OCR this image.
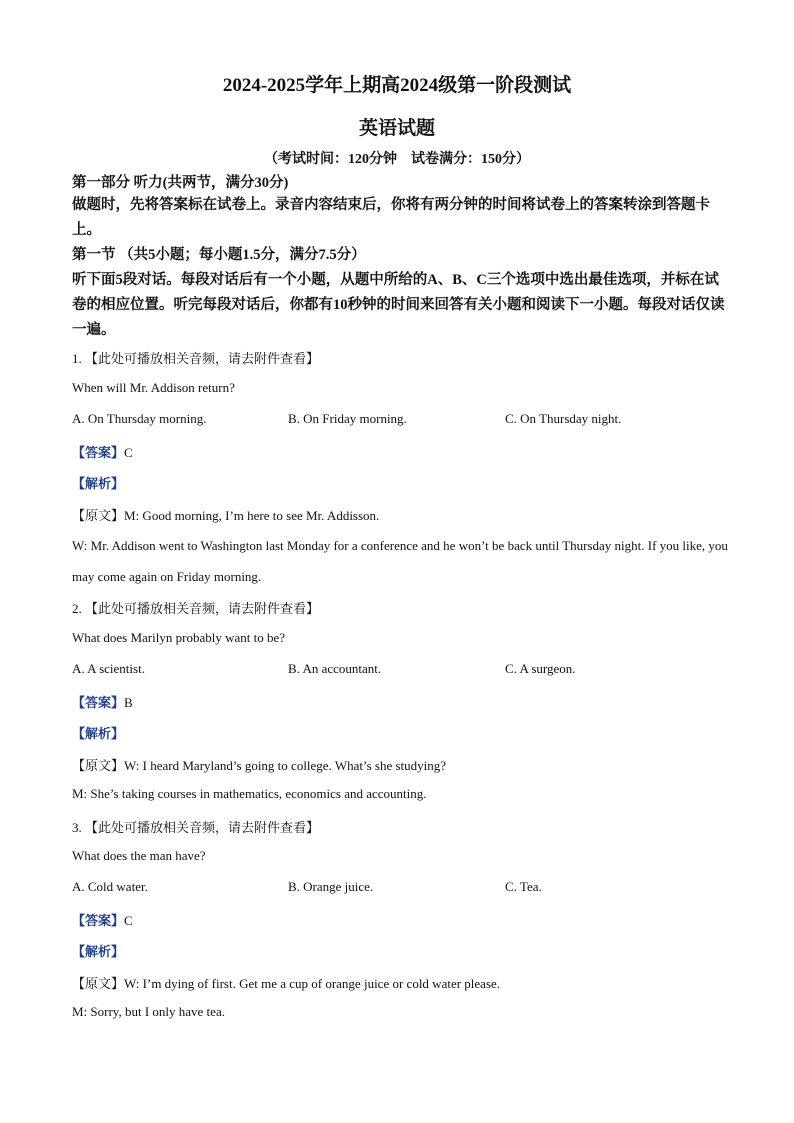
2024-2025学年上期高2024级第一阶段测试
英语试题
（考试时间：120分钟　试卷满分：150分）
第一部分 听力(共两节，满分30分)
做题时，先将答案标在试卷上。录音内容结束后，你将有两分钟的时间将试卷上的答案转涂到答题卡上。
第一节 （共5小题；每小题1.5分，满分7.5分）
听下面5段对话。每段对话后有一个小题，从题中所给的A、B、C三个选项中选出最佳选项，并标在试卷的相应位置。听完每段对话后，你都有10秒钟的时间来回答有关小题和阅读下一小题。每段对话仅读一遍。
1. 【此处可播放相关音频，请去附件查看】
When will Mr. Addison return?
A. On Thursday morning.	B. On Friday morning.	C. On Thursday night.
【答案】C
【解析】
【原文】M: Good morning, I’m here to see Mr. Addisson.
W: Mr. Addison went to Washington last Monday for a conference and he won’t be back until Thursday night. If you like, you may come again on Friday morning.
2. 【此处可播放相关音频，请去附件查看】
What does Marilyn probably want to be?
A. A scientist.	B. An accountant.	C. A surgeon.
【答案】B
【解析】
【原文】W: I heard Maryland’s going to college. What’s she studying?
M: She’s taking courses in mathematics, economics and accounting.
3. 【此处可播放相关音频，请去附件查看】
What does the man have?
A. Cold water.	B. Orange juice.	C. Tea.
【答案】C
【解析】
【原文】W: I’m dying of first. Get me a cup of orange juice or cold water please.
M: Sorry, but I only have tea.
